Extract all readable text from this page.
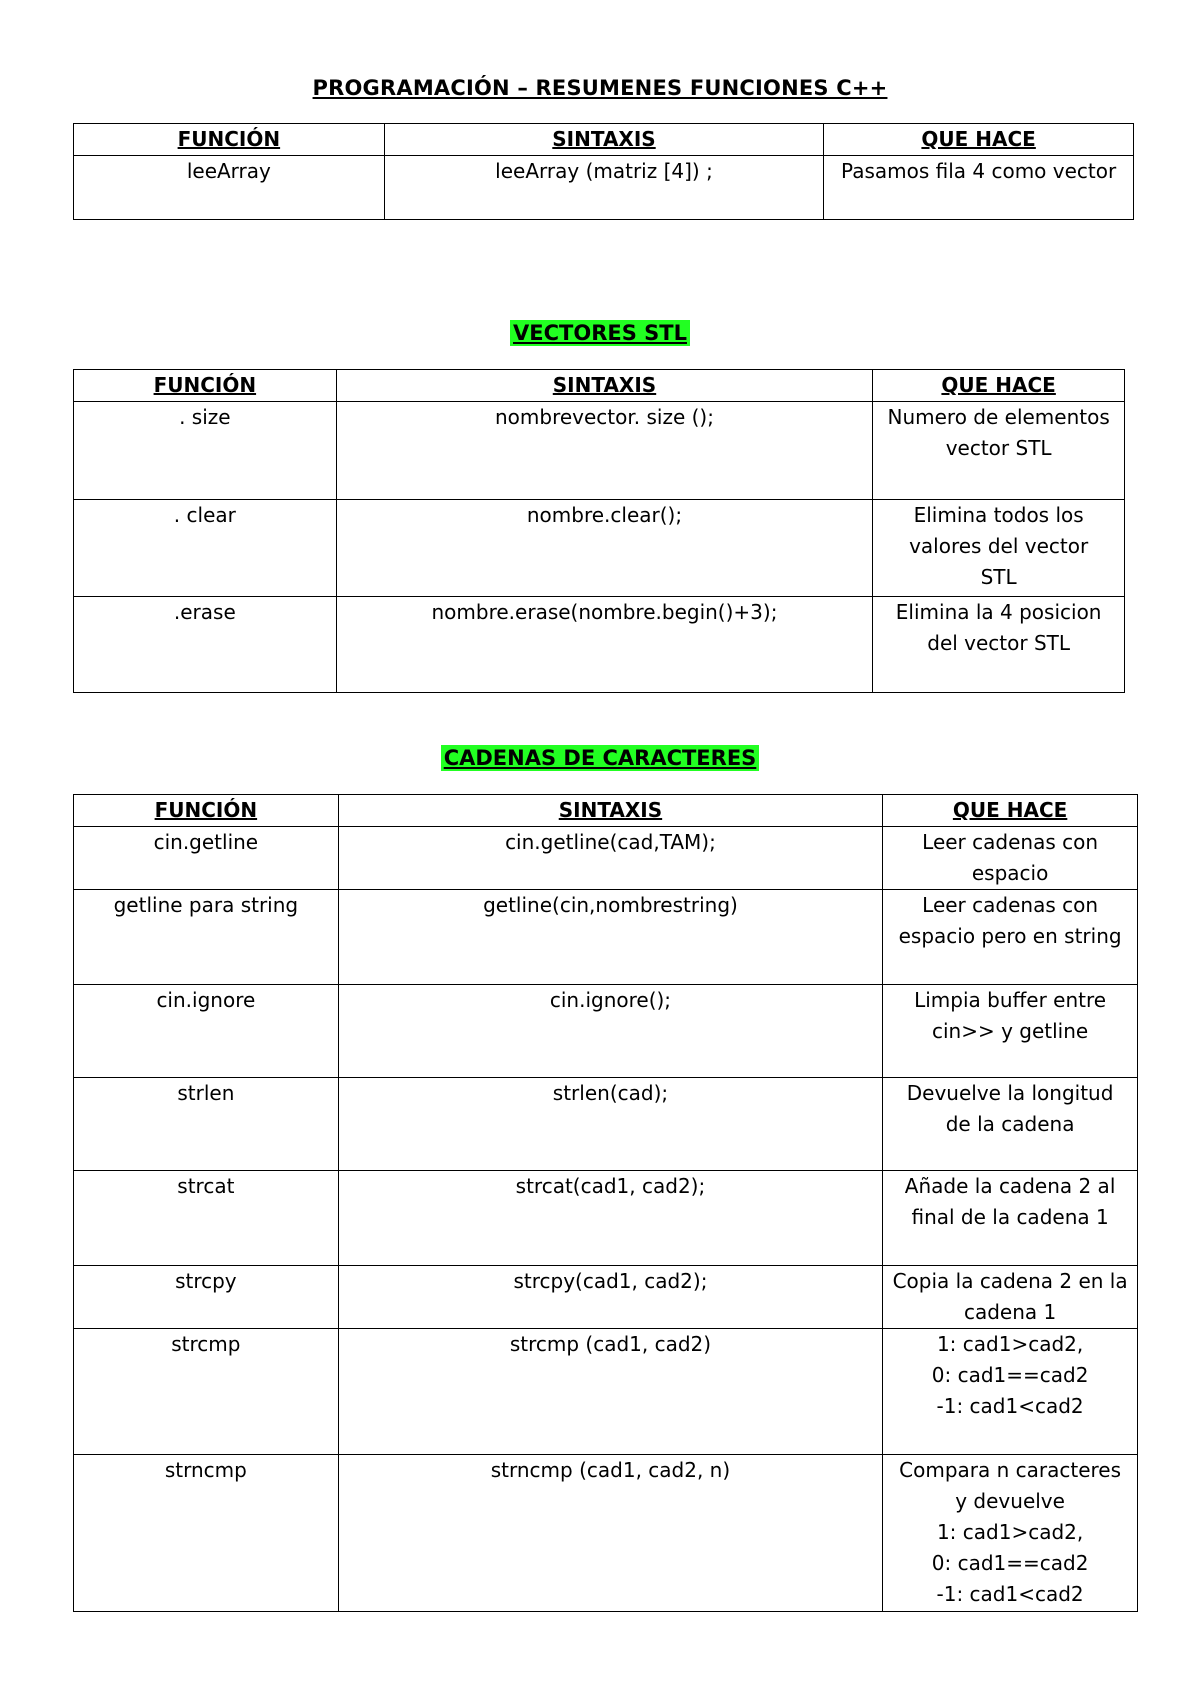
PROGRAMACIÓN – RESUMENES FUNCIONES C++
FUNCIÓN	SINTAXIS	QUE HACE
leeArray	leeArray (matriz [4]) ;	Pasamos fila 4 como vector
VECTORES STL
FUNCIÓN	SINTAXIS	QUE HACE
. size	nombrevector. size ();	Numero de elementos
vector STL
. clear	nombre.clear();	Elimina todos los
valores del vector
STL
.erase	nombre.erase(nombre.begin()+3);	Elimina la 4 posicion
del vector STL
CADENAS DE CARACTERES
FUNCIÓN	SINTAXIS	QUE HACE
cin.getline	cin.getline(cad,TAM);	Leer cadenas con
espacio
getline para string	getline(cin,nombrestring)	Leer cadenas con
espacio pero en string
cin.ignore	cin.ignore();	Limpia buffer entre
cin>> y getline
strlen	strlen(cad);	Devuelve la longitud
de la cadena
strcat	strcat(cad1, cad2);	Añade la cadena 2 al
final de la cadena 1
strcpy	strcpy(cad1, cad2);	Copia la cadena 2 en la
cadena 1
strcmp	strcmp (cad1, cad2)	1: cad1>cad2,
0: cad1==cad2
-1: cad1<cad2
strncmp	strncmp (cad1, cad2, n)	Compara n caracteres
y devuelve
1: cad1>cad2,
0: cad1==cad2
-1: cad1<cad2
